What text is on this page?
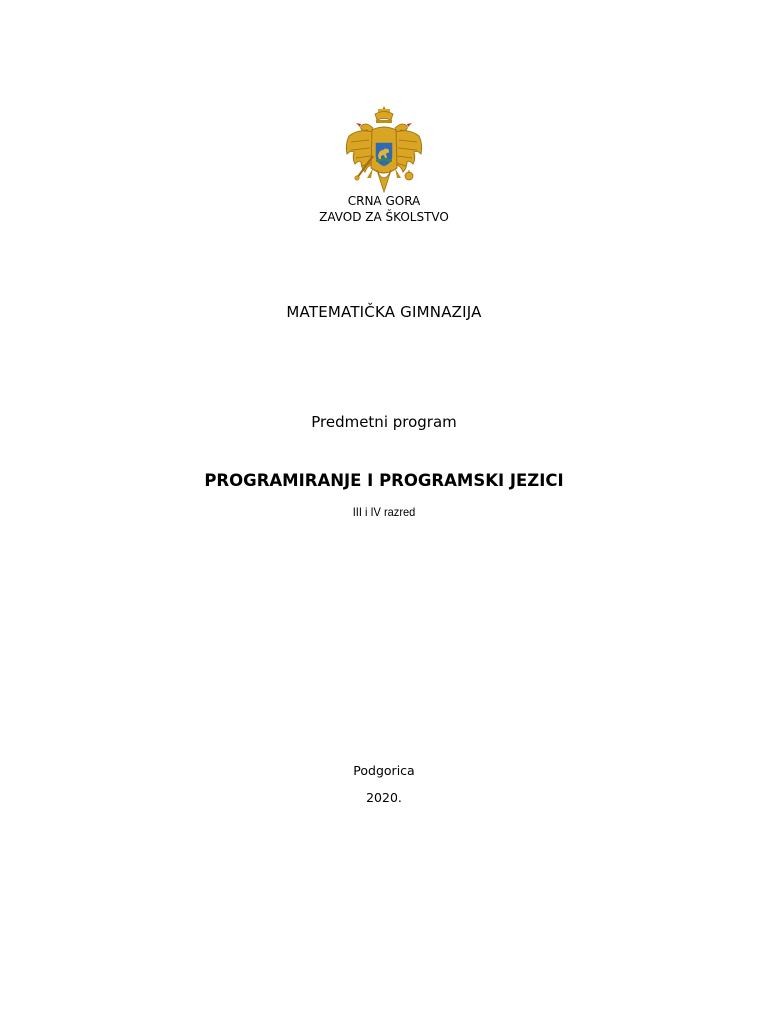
CRNA GORA
ZAVOD ZA ŠKOLSTVO
MATEMATIČKA GIMNAZIJA
Predmetni program
PROGRAMIRANJE I PROGRAMSKI JEZICI
III i IV razred
Podgorica
2020.
